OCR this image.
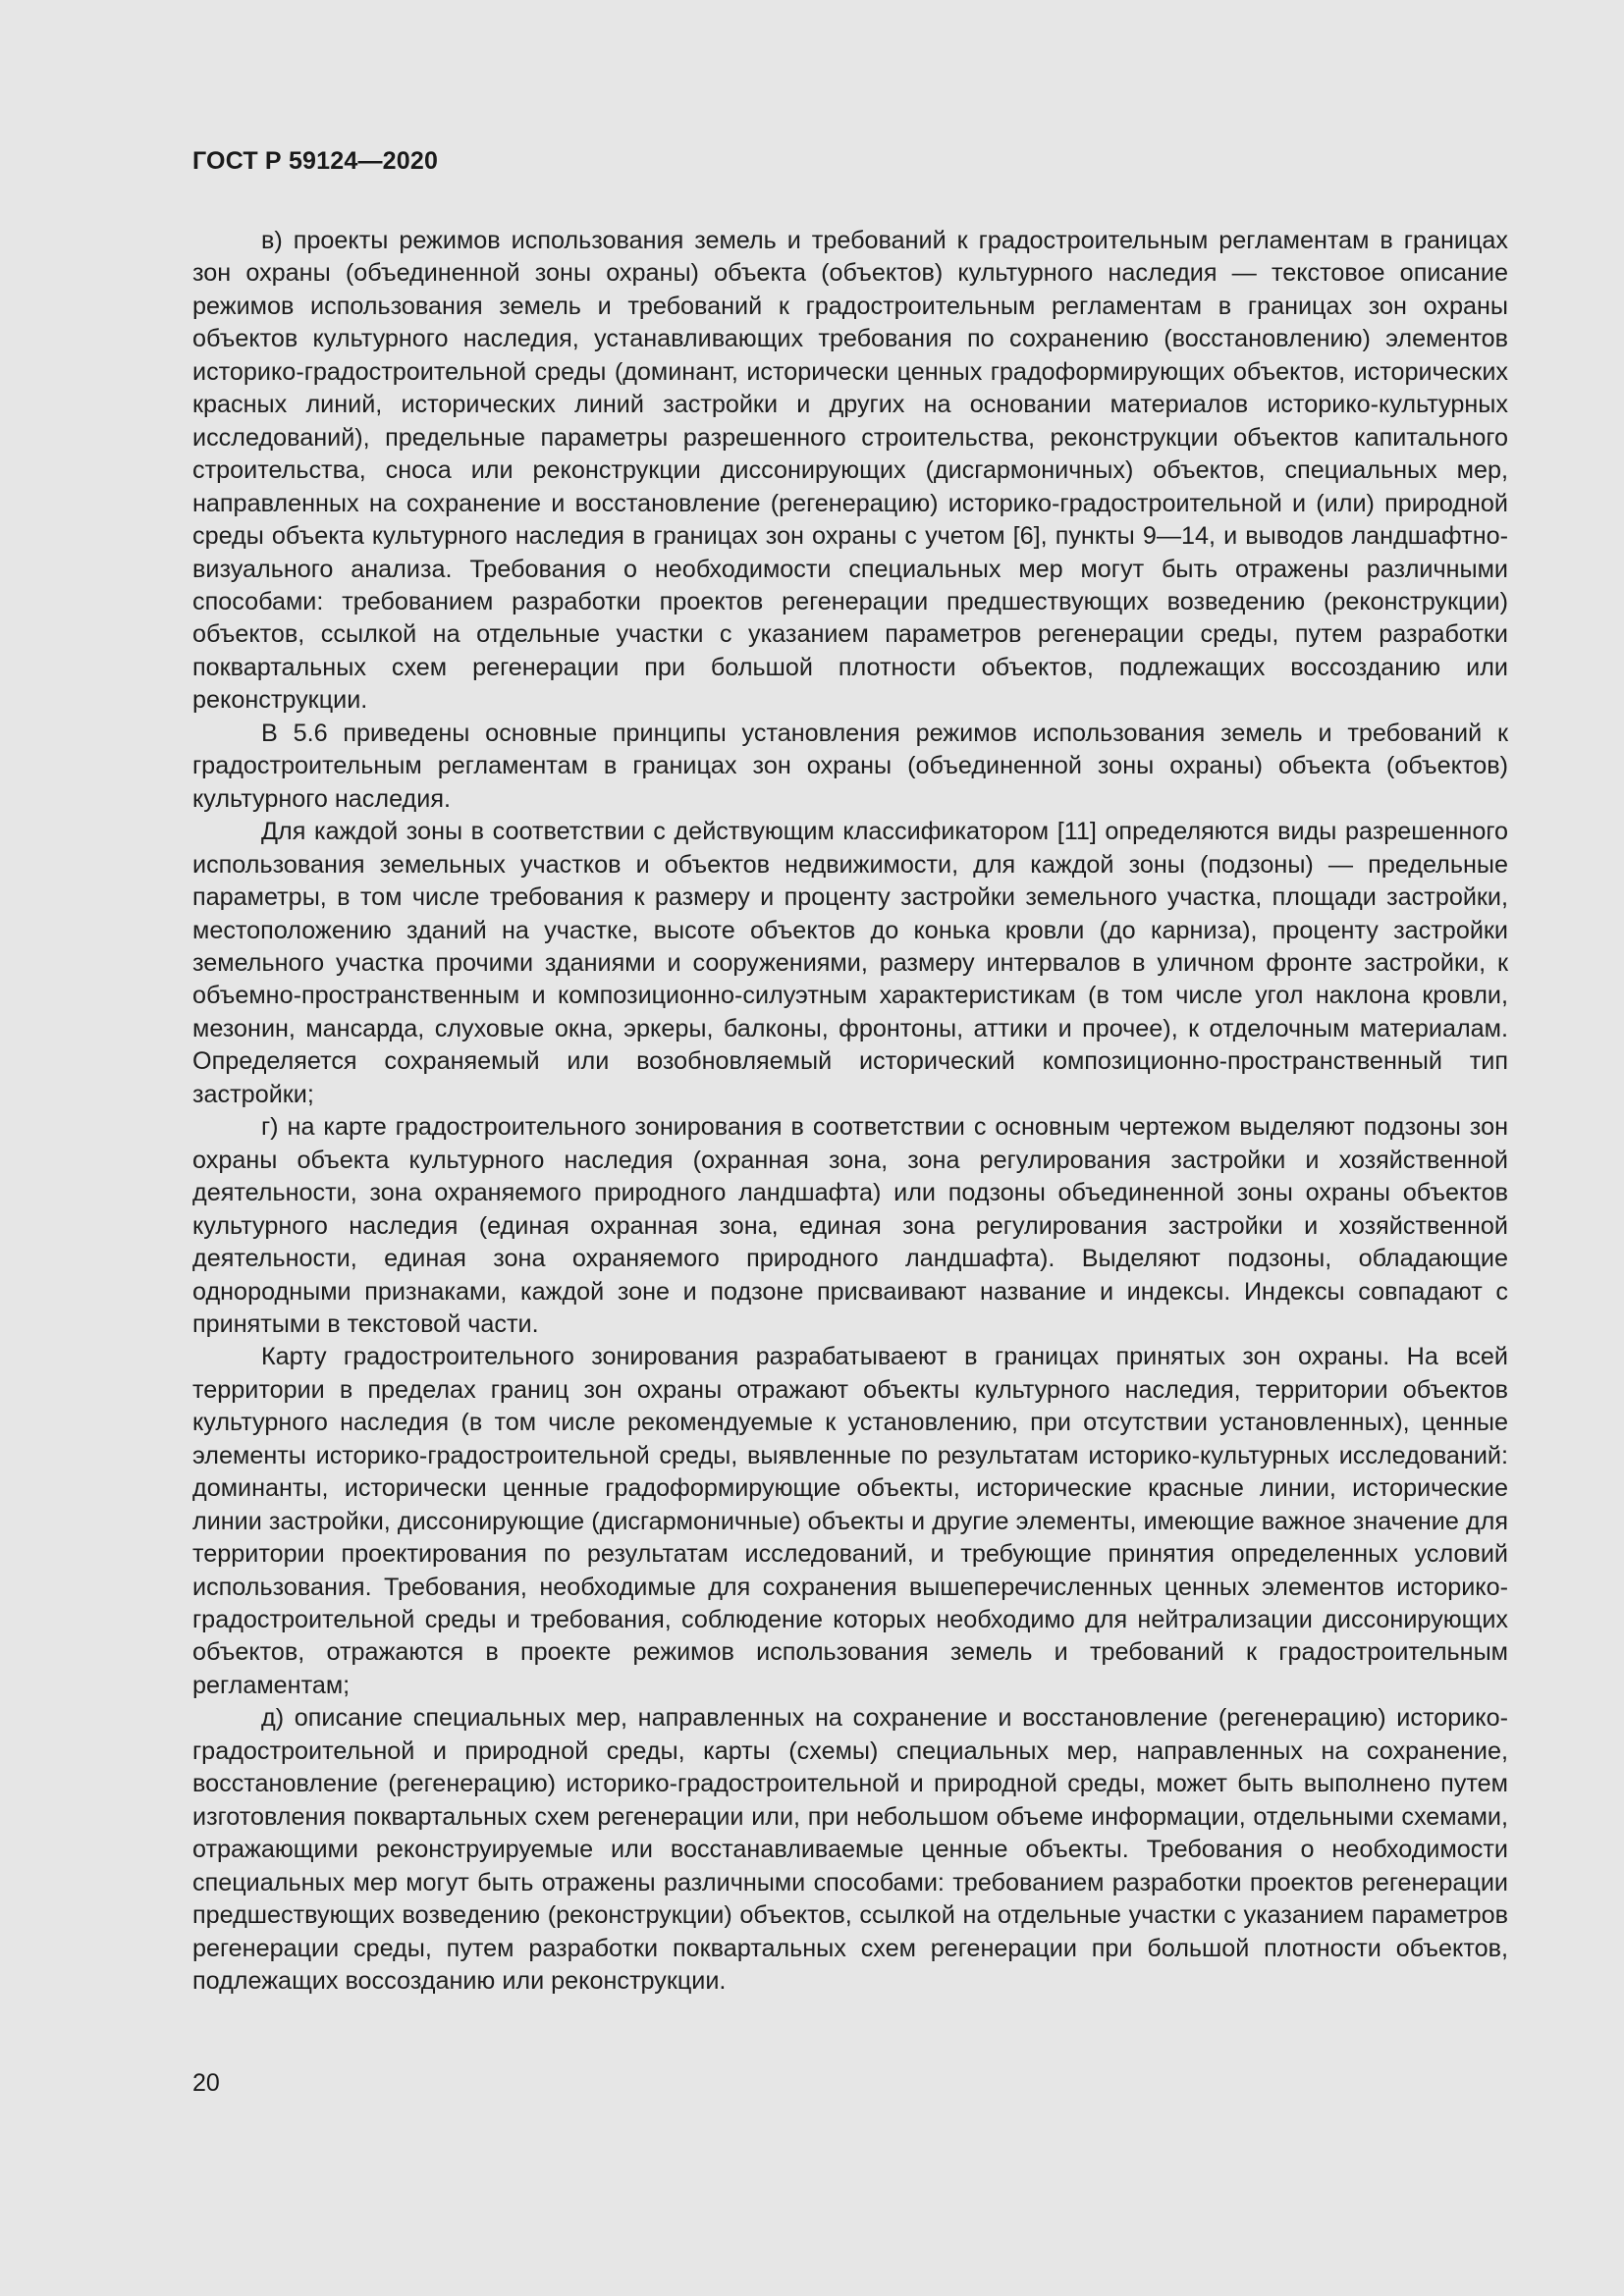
ГОСТ Р 59124—2020

в) проекты режимов использования земель и требований к градостроительным регламентам в границах зон охраны (объединенной зоны охраны) объекта (объектов) культурного наследия — текстовое описание режимов использования земель и требований к градостроительным регламентам в границах зон охраны объектов культурного наследия, устанавливающих требования по сохранению (восстановлению) элементов историко-градостроительной среды (доминант, исторически ценных градоформирующих объектов, исторических красных линий, исторических линий застройки и других на основании материалов историко-культурных исследований), предельные параметры разрешенного строительства, реконструкции объектов капитального строительства, сноса или реконструкции диссонирующих (дисгармоничных) объектов, специальных мер, направленных на сохранение и восстановление (регенерацию) историко-градостроительной и (или) природной среды объекта культурного наследия в границах зон охраны с учетом [6], пункты 9—14, и выводов ландшафтно-визуального анализа. Требования о необходимости специальных мер могут быть отражены различными способами: требованием разработки проектов регенерации предшествующих возведению (реконструкции) объектов, ссылкой на отдельные участки с указанием параметров регенерации среды, путем разработки поквартальных схем регенерации при большой плотности объектов, подлежащих воссозданию или реконструкции.

В 5.6 приведены основные принципы установления режимов использования земель и требований к градостроительным регламентам в границах зон охраны (объединенной зоны охраны) объекта (объектов) культурного наследия.

Для каждой зоны в соответствии с действующим классификатором [11] определяются виды разрешенного использования земельных участков и объектов недвижимости, для каждой зоны (подзоны) — предельные параметры, в том числе требования к размеру и проценту застройки земельного участка, площади застройки, местоположению зданий на участке, высоте объектов до конька кровли (до карниза), проценту застройки земельного участка прочими зданиями и сооружениями, размеру интервалов в уличном фронте застройки, к объемно-пространственным и композиционно-силуэтным характеристикам (в том числе угол наклона кровли, мезонин, мансарда, слуховые окна, эркеры, балконы, фронтоны, аттики и прочее), к отделочным материалам. Определяется сохраняемый или возобновляемый исторический композиционно-пространственный тип застройки;

г) на карте градостроительного зонирования в соответствии с основным чертежом выделяют подзоны зон охраны объекта культурного наследия (охранная зона, зона регулирования застройки и хозяйственной деятельности, зона охраняемого природного ландшафта) или подзоны объединенной зоны охраны объектов культурного наследия (единая охранная зона, единая зона регулирования застройки и хозяйственной деятельности, единая зона охраняемого природного ландшафта). Выделяют подзоны, обладающие однородными признаками, каждой зоне и подзоне присваивают название и индексы. Индексы совпадают с принятыми в текстовой части.

Карту градостроительного зонирования разрабатываеют в границах принятых зон охраны. На всей территории в пределах границ зон охраны отражают объекты культурного наследия, территории объектов культурного наследия (в том числе рекомендуемые к установлению, при отсутствии установленных), ценные элементы историко-градостроительной среды, выявленные по результатам историко-культурных исследований: доминанты, исторически ценные градоформирующие объекты, исторические красные линии, исторические линии застройки, диссонирующие (дисгармоничные) объекты и другие элементы, имеющие важное значение для территории проектирования по результатам исследований, и требующие принятия определенных условий использования. Требования, необходимые для сохранения вышеперечисленных ценных элементов историко-градостроительной среды и требования, соблюдение которых необходимо для нейтрализации диссонирующих объектов, отражаются в проекте режимов использования земель и требований к градостроительным регламентам;

д) описание специальных мер, направленных на сохранение и восстановление (регенерацию) историко-градостроительной и природной среды, карты (схемы) специальных мер, направленных на сохранение, восстановление (регенерацию) историко-градостроительной и природной среды, может быть выполнено путем изготовления поквартальных схем регенерации или, при небольшом объеме информации, отдельными схемами, отражающими реконструируемые или восстанавливаемые ценные объекты. Требования о необходимости специальных мер могут быть отражены различными способами: требованием разработки проектов регенерации предшествующих возведению (реконструкции) объектов, ссылкой на отдельные участки с указанием параметров регенерации среды, путем разработки поквартальных схем регенерации при большой плотности объектов, подлежащих воссозданию или реконструкции.

20
